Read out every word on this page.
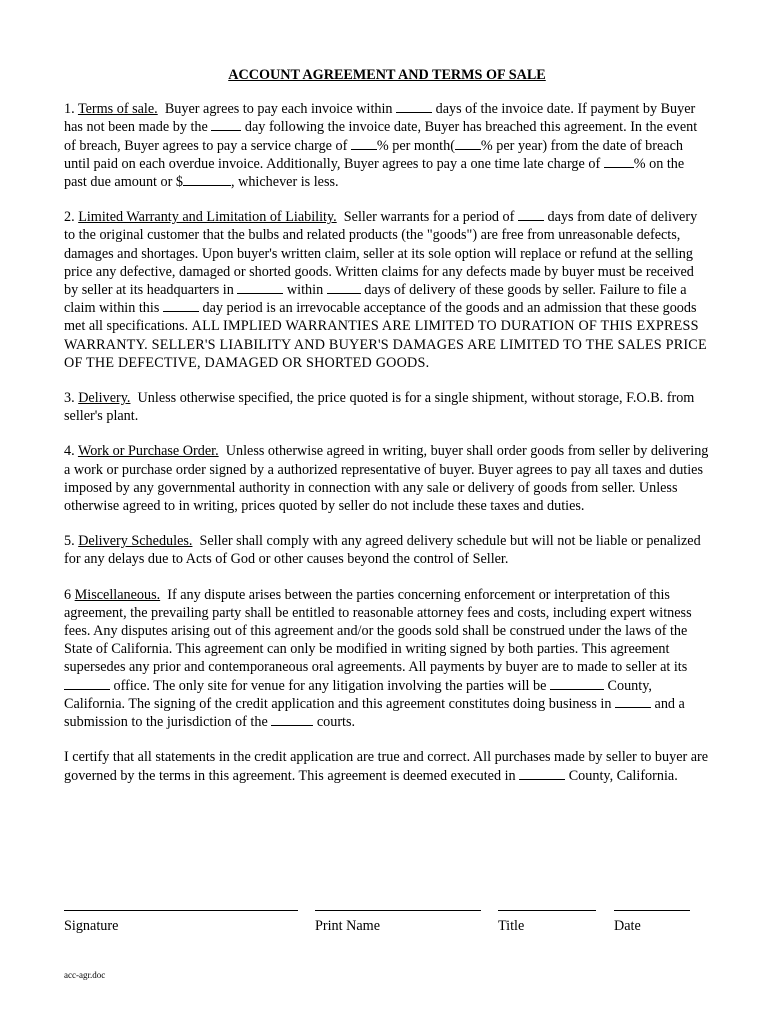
ACCOUNT AGREEMENT AND TERMS OF SALE

1. Terms of sale. Buyer agrees to pay each invoice within	days of the invoice date. If payment by Buyer has not been made by the	day following the invoice date, Buyer has breached this agreement. In the event of breach, Buyer agrees to pay a service charge of % per month( % per year) from the date of breach until paid on each overdue invoice. Additionally, Buyer agrees to pay a one time late charge of % on the past due amount or $	, whichever is less.

2. Limited Warranty and Limitation of Liability. Seller warrants for a period of days from date of delivery to the original customer that the bulbs and related products (the "goods") are free from unreasonable defects, damages and shortages. Upon buyer's written claim, seller at its sole option will replace or refund at the selling price any defective, damaged or shorted goods. Written claims for any defects made by buyer must be received by seller at its headquarters in	within	days of delivery of these goods by seller. Failure to file a claim within this	day period is an irrevocable acceptance of the goods and an admission that these goods met all specifications. ALL IMPLIED WARRANTIES ARE LIMITED TO DURATION OF THIS EXPRESS WARRANTY. SELLER'S LIABILITY AND BUYER'S DAMAGES ARE LIMITED TO THE SALES PRICE OF THE DEFECTIVE, DAMAGED OR SHORTED GOODS.

3. Delivery. Unless otherwise specified, the price quoted is for a single shipment, without storage, F.O.B. from seller's plant.

4. Work or Purchase Order. Unless otherwise agreed in writing, buyer shall order goods from seller by delivering a work or purchase order signed by a authorized representative of buyer. Buyer agrees to pay all taxes and duties imposed by any governmental authority in connection with any sale or delivery of goods from seller. Unless otherwise agreed to in writing, prices quoted by seller do not include these taxes and duties.

5. Delivery Schedules. Seller shall comply with any agreed delivery schedule but will not be liable or penalized for any delays due to Acts of God or other causes beyond the control of Seller.

6 Miscellaneous. If any dispute arises between the parties concerning enforcement or interpretation of this agreement, the prevailing party shall be entitled to reasonable attorney fees and costs, including expert witness fees. Any disputes arising out of this agreement and/or the goods sold shall be construed under the laws of the State of California. This agreement can only be modified in writing signed by both parties. This agreement supersedes any prior and contemporaneous oral agreements. All payments by buyer are to made to seller at its  office. The only site for venue for any litigation involving the parties will be	County, California. The signing of the credit application and this agreement constitutes doing business in	and a submission to the jurisdiction of the	courts.

I certify that all statements in the credit application are true and correct. All purchases made by seller to buyer are governed by the terms in this agreement. This agreement is deemed executed in	County, California.

Signature	Print Name	Title	Date
acc-agr.doc
